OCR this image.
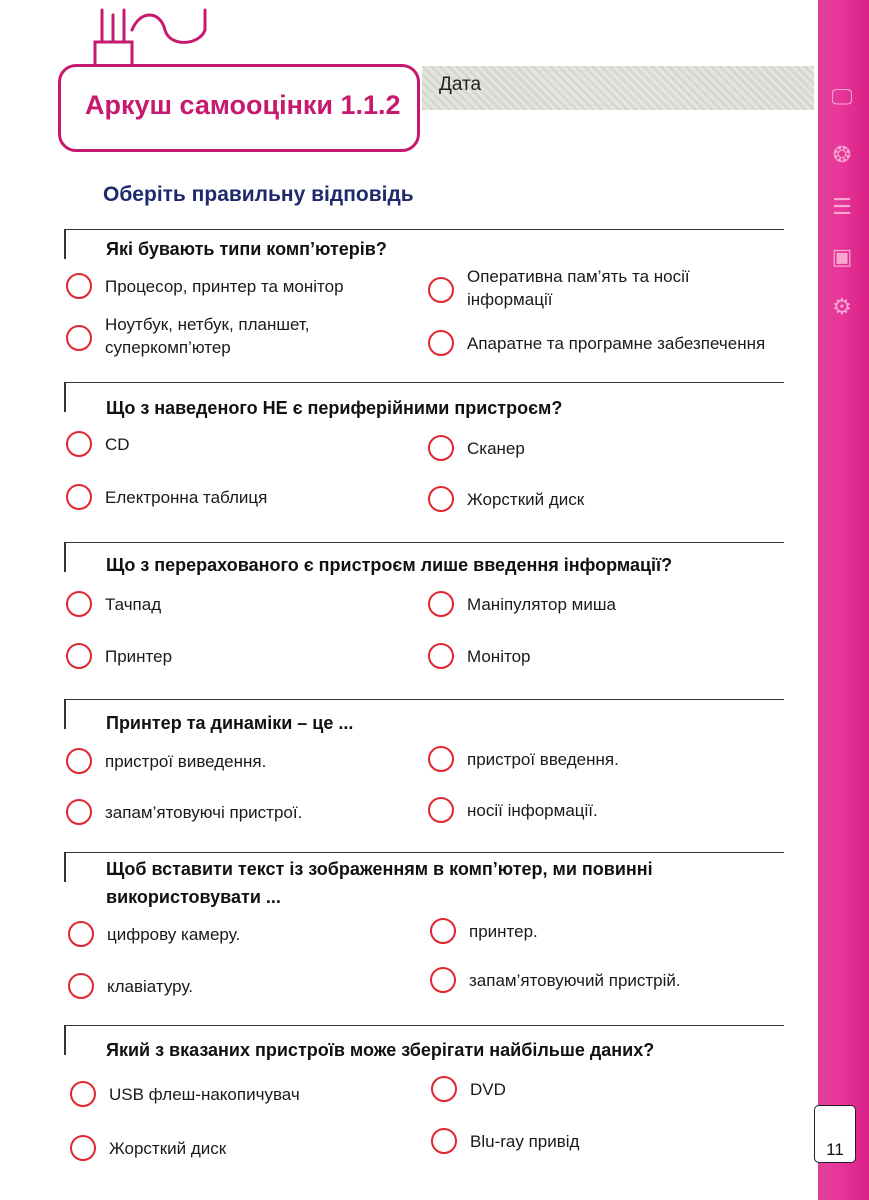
🖵
❂
☰
▣
⚙
11
Дата
Аркуш самооцінки 1.1.2
Оберіть правильну відповідь
Які бувають типи комп’ютерів?
Процесор, принтер та монітор
Оперативна пам’ять та носії інформації
Ноутбук, нетбук, планшет, суперкомп’ютер	Апаратне та програмне забезпечення
Що з наведеного НЕ є периферійними пристроєм?
CD	Сканер
Електронна таблиця	Жорсткий диск
Що з перерахованого є пристроєм лише введення інформації?
Тачпад	Маніпулятор миша
Принтер	Монітор
Принтер та динаміки – це ...
пристрої виведення.	пристрої введення.
запам’ятовуючі пристрої.	носії інформації.
Щоб вставити текст із зображенням в комп’ютер, ми повинні використовувати ...
цифрову камеру.	принтер.
клавіатуру.	запам’ятовуючий пристрій.
Який з вказаних пристроїв може зберігати найбільше даних?
USB флеш-накопичувач	DVD
Жорсткий диск	Blu-ray привід
